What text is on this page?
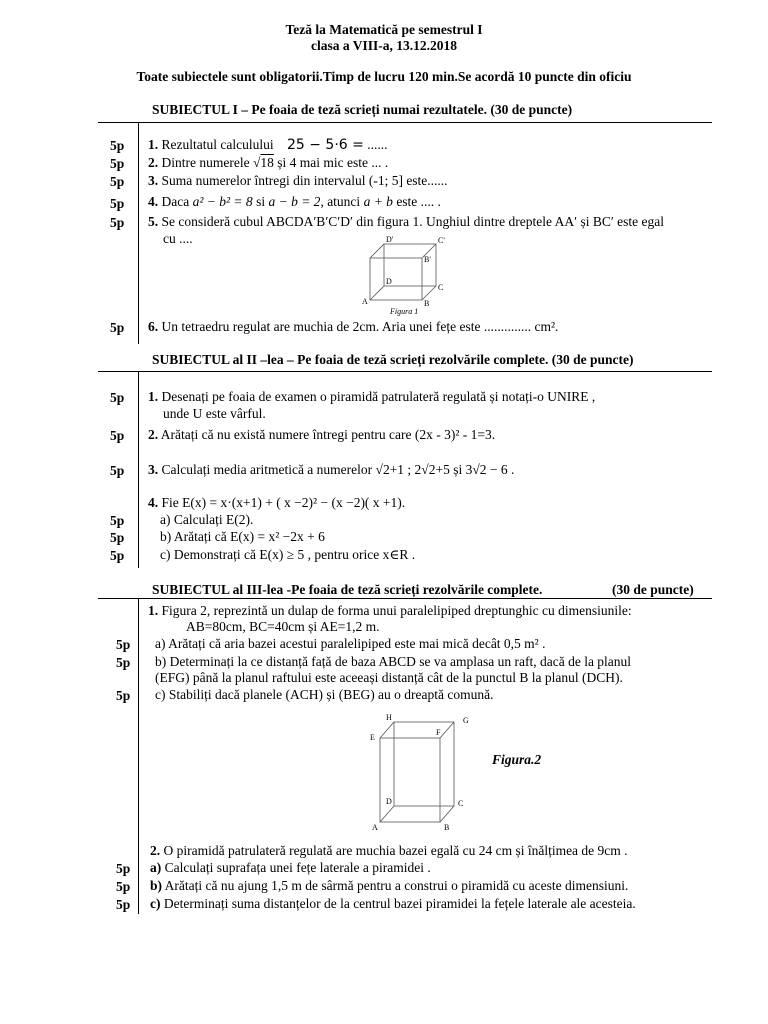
Teză la Matematică pe semestrul I
clasa a VIII-a, 13.12.2018
Toate subiectele sunt obligatorii.Timp de lucru 120 min.Se acordă 10 puncte din oficiu
SUBIECTUL I – Pe foaia de teză scrieți numai rezultatele. (30 de puncte)
5p 1. Rezultatul calculului 25 − 5·6 = ......
5p 2. Dintre numerele √18 și 4 mai mic este ... .
5p 3. Suma numerelor întregi din intervalul (-1; 5] este......
5p 4. Daca a² − b² = 8 si a − b = 2, atunci a + b este .... .
5p 5. Se consideră cubul ABCDA′B′C′D′ din figura 1. Unghiul dintre dreptele AA′ și BC′ este egal
cu ....	D'	C'
B'
D
C
A	B
Figura 1
5p 6. Un tetraedru regulat are muchia de 2cm. Aria unei fețe este .............. cm².
SUBIECTUL al II –lea – Pe foaia de teză scrieți rezolvările complete. (30 de puncte)
5p 1. Desenați pe foaia de examen o piramidă patrulateră regulată și notați-o UNIRE ,
unde U este vârful.
5p 2. Arătați că nu există numere întregi pentru care (2x - 3)² - 1=3.
5p 3. Calculați media aritmetică a numerelor √2+1 ; 2√2+5 și 3√2 − 6 .
4. Fie E(x) = x·(x+1) + ( x −2)² − (x −2)( x +1).
5p	a) Calculați E(2).
5p	b) Arătați că E(x) = x² −2x + 6
5p	c) Demonstrați că E(x) ≥ 5 , pentru orice x∈R .
SUBIECTUL al III-lea -Pe foaia de teză scrieți rezolvările complete.	(30 de puncte)
1. Figura 2, reprezintă un dulap de forma unui paralelipiped dreptunghic cu dimensiunile:
AB=80cm, BC=40cm și AE=1,2 m.
5p a) Arătați că aria bazei acestui paralelipiped este mai mică decât 0,5 m² .
5p b) Determinați la ce distanță față de baza ABCD se va amplasa un raft, dacă de la planul
(EFG) până la planul raftului este aceeași distanță cât de la punctul B la planul (DCH).
5p c) Stabiliți dacă planele (ACH) și (BEG) au o dreaptă comună.
H	G
E
F
D	C
A	B
Figura.2
2. O piramidă patrulateră regulată are muchia bazei egală cu 24 cm și înălțimea de 9cm .
5p a) Calculați suprafața unei fețe laterale a piramidei .
5p b) Arătați că nu ajung 1,5 m de sârmă pentru a construi o piramidă cu aceste dimensiuni.
5p c) Determinați suma distanțelor de la centrul bazei piramidei la fețele laterale ale acesteia.
